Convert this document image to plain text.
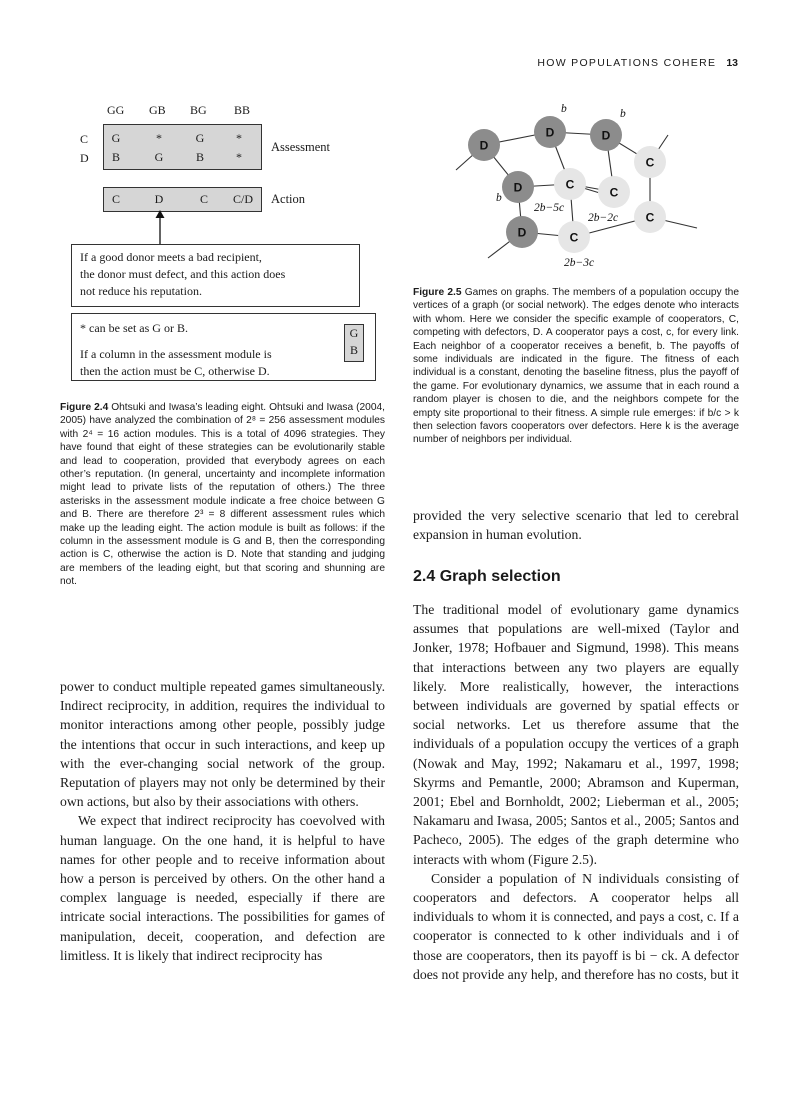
HOW POPULATIONS COHERE 13
GG GB BG BB
C
D
G	*	G	*
B	G	B	*
Assessment
C	D	C	C/D	Action

If a good donor meets a bad recipient,

the donor must defect, and this action does

not reduce his reputation.

* can be set as G or B.

If a column in the assessment module is

then the action must be C, otherwise D.

G
B
Figure 2.4 Ohtsuki and Iwasa’s leading eight. Ohtsuki and Iwasa (2004, 2005) have analyzed the combination of 2⁸ = 256 assessment modules with 2⁴ = 16 action modules. This is a total of 4096 strategies. They have found that eight of these strategies can be evolutionarily stable and lead to cooperation, provided that everybody agrees on each other’s reputation. (In general, uncertainty and incomplete information might lead to private lists of the reputation of others.) The three asterisks in the assessment module indicate a free choice between G and B. There are therefore 2³ = 8 different assessment rules which make up the leading eight. The action module is built as follows: if the column in the assessment module is G and B, then the corresponding action is C, otherwise the action is D. Note that standing and judging are members of the leading eight, but that scoring and shunning are not.
D
D	D
C
D	C
C
D
C
C
b	b
b
2b−5c
2b−2c
2b−3c
Figure 2.5 Games on graphs. The members of a population occupy the vertices of a graph (or social network). The edges denote who interacts with whom. Here we consider the specific example of cooperators, C, competing with defectors, D. A cooperator pays a cost, c, for every link. Each neighbor of a cooperator receives a benefit, b. The payoffs of some individuals are indicated in the figure. The fitness of each individual is a constant, denoting the baseline fitness, plus the payoff of the game. For evolutionary dynamics, we assume that in each round a random player is chosen to die, and the neighbors compete for the empty site proportional to their fitness. A simple rule emerges: if b/c > k then selection favors cooperators over defectors. Here k is the average number of neighbors per individual.

provided the very selective scenario that led to cerebral expansion in human evolution.

2.4 Graph selection

The traditional model of evolutionary game dynamics assumes that populations are well-mixed (Taylor and Jonker, 1978; Hofbauer and Sigmund, 1998). This means that interactions between any two players are equally likely. More realistically, however, the interactions between individuals are governed by spatial effects or social networks. Let us therefore assume that the individuals of a population occupy the vertices of a graph (Nowak and May, 1992; Nakamaru et al., 1997, 1998; Skyrms and Pemantle, 2000; Abramson and Kuperman, 2001; Ebel and Bornholdt, 2002; Lieberman et al., 2005; Nakamaru and Iwasa, 2005; Santos et al., 2005; Santos and Pacheco, 2005). The edges of the graph determine who interacts with whom (Figure 2.5).

Consider a population of N individuals consisting of cooperators and defectors. A cooperator helps all individuals to whom it is connected, and pays a cost, c. If a cooperator is connected to k other individuals and i of those are cooperators, then its payoff is bi − ck. A defector does not provide any help, and therefore has no costs, but it

power to conduct multiple repeated games simultaneously. Indirect reciprocity, in addition, requires the individual to monitor interactions among other people, possibly judge the intentions that occur in such interactions, and keep up with the ever-changing social network of the group. Reputation of players may not only be determined by their own actions, but also by their associations with others.

We expect that indirect reciprocity has coevolved with human language. On the one hand, it is helpful to have names for other people and to receive information about how a person is perceived by others. On the other hand a complex language is needed, especially if there are intricate social interactions. The possibilities for games of manipulation, deceit, cooperation, and defection are limitless. It is likely that indirect reciprocity has
